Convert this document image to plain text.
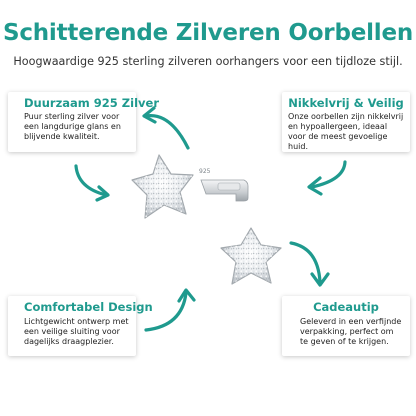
Schitterende Zilveren Oorbellen
Hoogwaardige 925 sterling zilveren oorhangers voor een tijdloze stijl.
925
Duurzaam 925 Zilver
Puur sterling zilver voor een langdurige glans en blijvende kwaliteit.
Nikkelvrij & Veilig
Onze oorbellen zijn nikkelvrij en hypoallergeen, ideaal voor de meest gevoelige huid.
Comfortabel Design
Lichtgewicht ontwerp met een veilige sluiting voor dagelijks draagplezier.
Cadeautip
Geleverd in een verfijnde verpakking, perfect om te geven of te krijgen.
